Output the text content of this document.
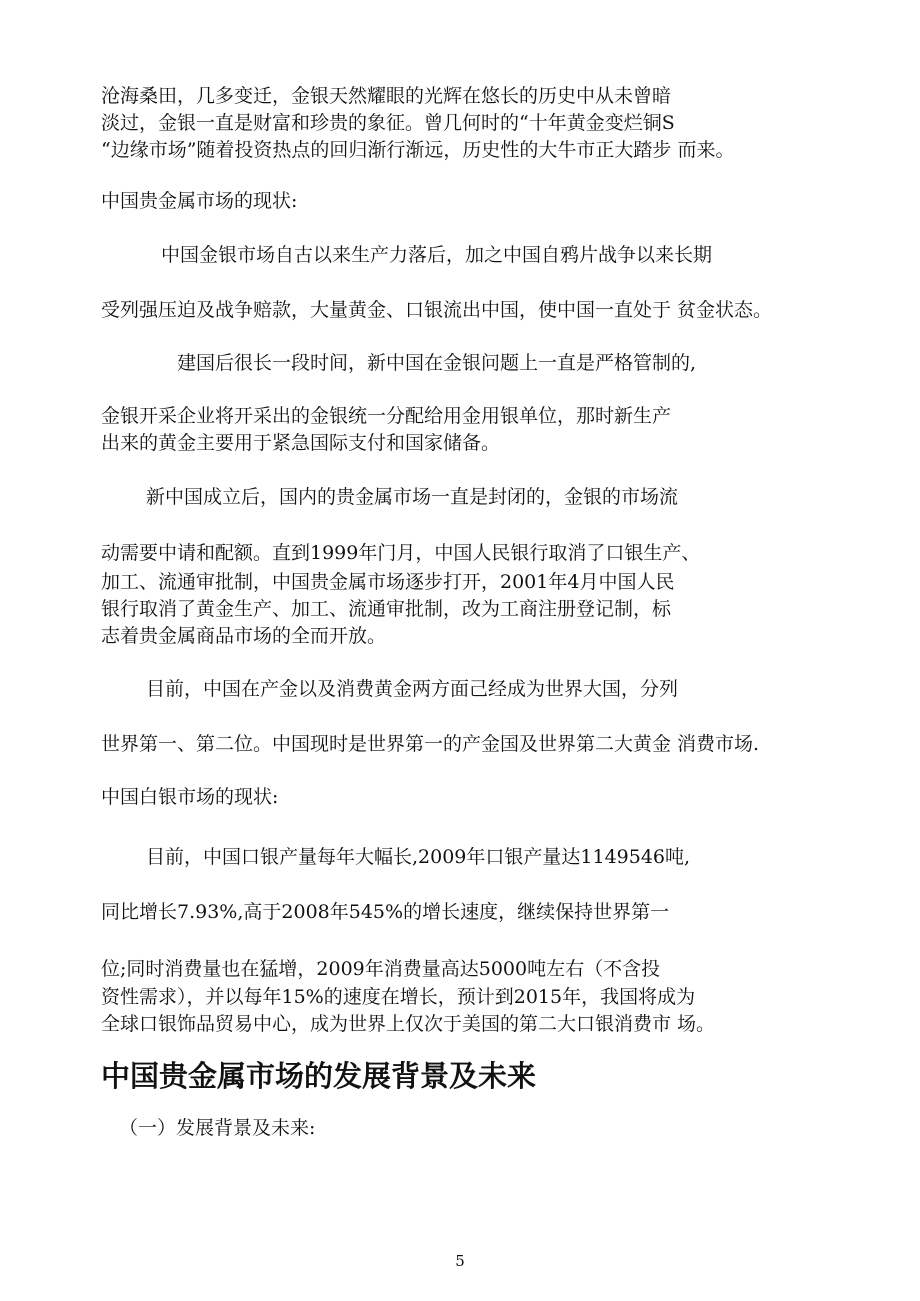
沧海桑田，几多变迁，金银天然耀眼的光辉在悠长的历史中从未曾暗

淡过，金银一直是财富和珍贵的象征。曾几何时的“十年黄金变烂铜S

“边缘市场”随着投资热点的回归渐行渐远，历史性的大牛市正大踏步 而来。

中国贵金属市场的现状:

中国金银市场自古以来生产力落后，加之中国自鸦片战争以来长期

受列强压迫及战争赔款，大量黄金、口银流出中国，使中国一直处于 贫金状态。

建国后很长一段时间，新中国在金银问题上一直是严格管制的,

金银开采企业将开采出的金银统一分配给用金用银单位，那时新生产

出来的黄金主要用于紧急国际支付和国家储备。

新中国成立后，国内的贵金属市场一直是封闭的，金银的市场流

动需要中请和配额。直到1999年门月，中国人民银行取消了口银生产、

加工、流通审批制，中国贵金属市场逐步打开，2001年4月中国人民

银行取消了黄金生产、加工、流通审批制，改为工商注册登记制，标

志着贵金属商品市场的全而开放。

目前，中国在产金以及消费黄金两方面己经成为世界大国，分列

世界第一、第二位。中国现时是世界第一的产金国及世界第二大黄金 消费市场.

中国白银市场的现状:

目前，中国口银产量每年大幅长,2009年口银产量达1149546吨,

同比增长7.93%,高于2008年545%的增长速度，继续保持世界第一

位;同时消费量也在猛增，2009年消费量高达5000吨左右（不含投

资性需求），并以每年15%的速度在增长，预计到2015年，我国将成为

全球口银饰品贸易中心，成为世界上仅次于美国的第二大口银消费市 场。

中国贵金属市场的发展背景及未来

（一）发展背景及未来:

5
